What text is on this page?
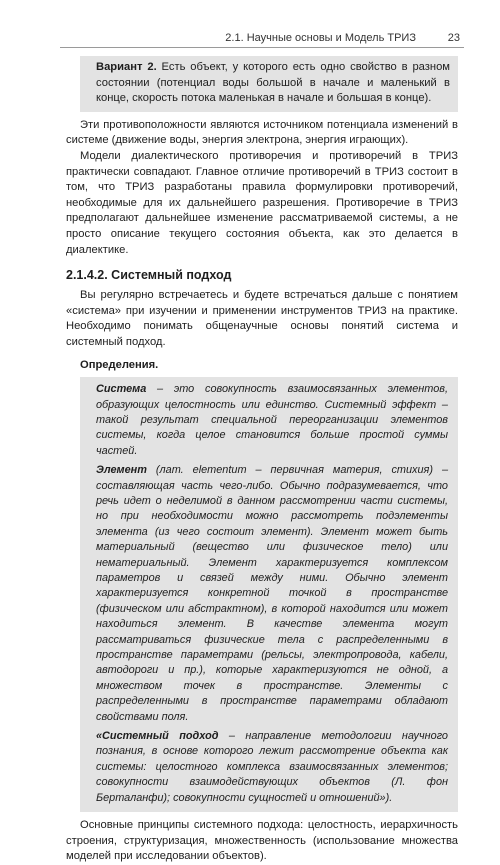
2.1. Научные основы и Модель ТРИЗ	23

Вариант 2. Есть объект, у которого есть одно свойство в разном состоянии (потенциал воды большой в начале и маленький в конце, скорость потока маленькая в начале и большая в конце).

Эти противоположности являются источником потенциала изменений в системе (движение воды, энергия электрона, энергия играющих).

Модели диалектического противоречия и противоречий в ТРИЗ практически совпадают. Главное отличие противоречий в ТРИЗ состоит в том, что ТРИЗ разработаны правила формулировки противоречий, необходимые для их дальнейшего разрешения. Противоречие в ТРИЗ предполагают дальнейшее изменение рассматриваемой системы, а не просто описание текущего состояния объекта, как это делается в диалектике.

2.1.4.2. Системный подход

Вы регулярно встречаетесь и будете встречаться дальше с понятием «система» при изучении и применении инструментов ТРИЗ на практике. Необходимо понимать общенаучные основы понятий система и системный подход.

Определения.

Система – это совокупность взаимосвязанных элементов, образующих целостность или единство. Системный эффект – такой результат специальной переорганизации элементов системы, когда целое становится больше простой суммы частей.

Элемент (лат. elementum – первичная материя, стихия) – составляющая часть чего-либо. Обычно подразумевается, что речь идет о неделимой в данном рассмотрении части системы, но при необходимости можно рассмотреть подэлементы элемента (из чего состоит элемент). Элемент может быть материальный (вещество или физическое тело) или нематериальный. Элемент характеризуется комплексом параметров и связей между ними. Обычно элемент характеризуется конкретной точкой в пространстве (физическом или абстрактном), в которой находится или может находиться элемент. В качестве элемента могут рассматриваться физические тела с распределенными в пространстве параметрами (рельсы, электропровода, кабели, автодороги и пр.), которые характеризуются не одной, а множеством точек в пространстве. Элементы с распределенными в пространстве параметрами обладают свойствами поля.

«Системный подход – направление методологии научного познания, в основе которого лежит рассмотрение объекта как системы: целостного комплекса взаимосвязанных элементов; совокупности взаимодействующих объектов (Л. фон Берталанфи); совокупности сущностей и отношений»).

Основные принципы системного подхода: целостность, иерархичность строения, структуризация, множественность (использование множества моделей при исследовании объектов).
